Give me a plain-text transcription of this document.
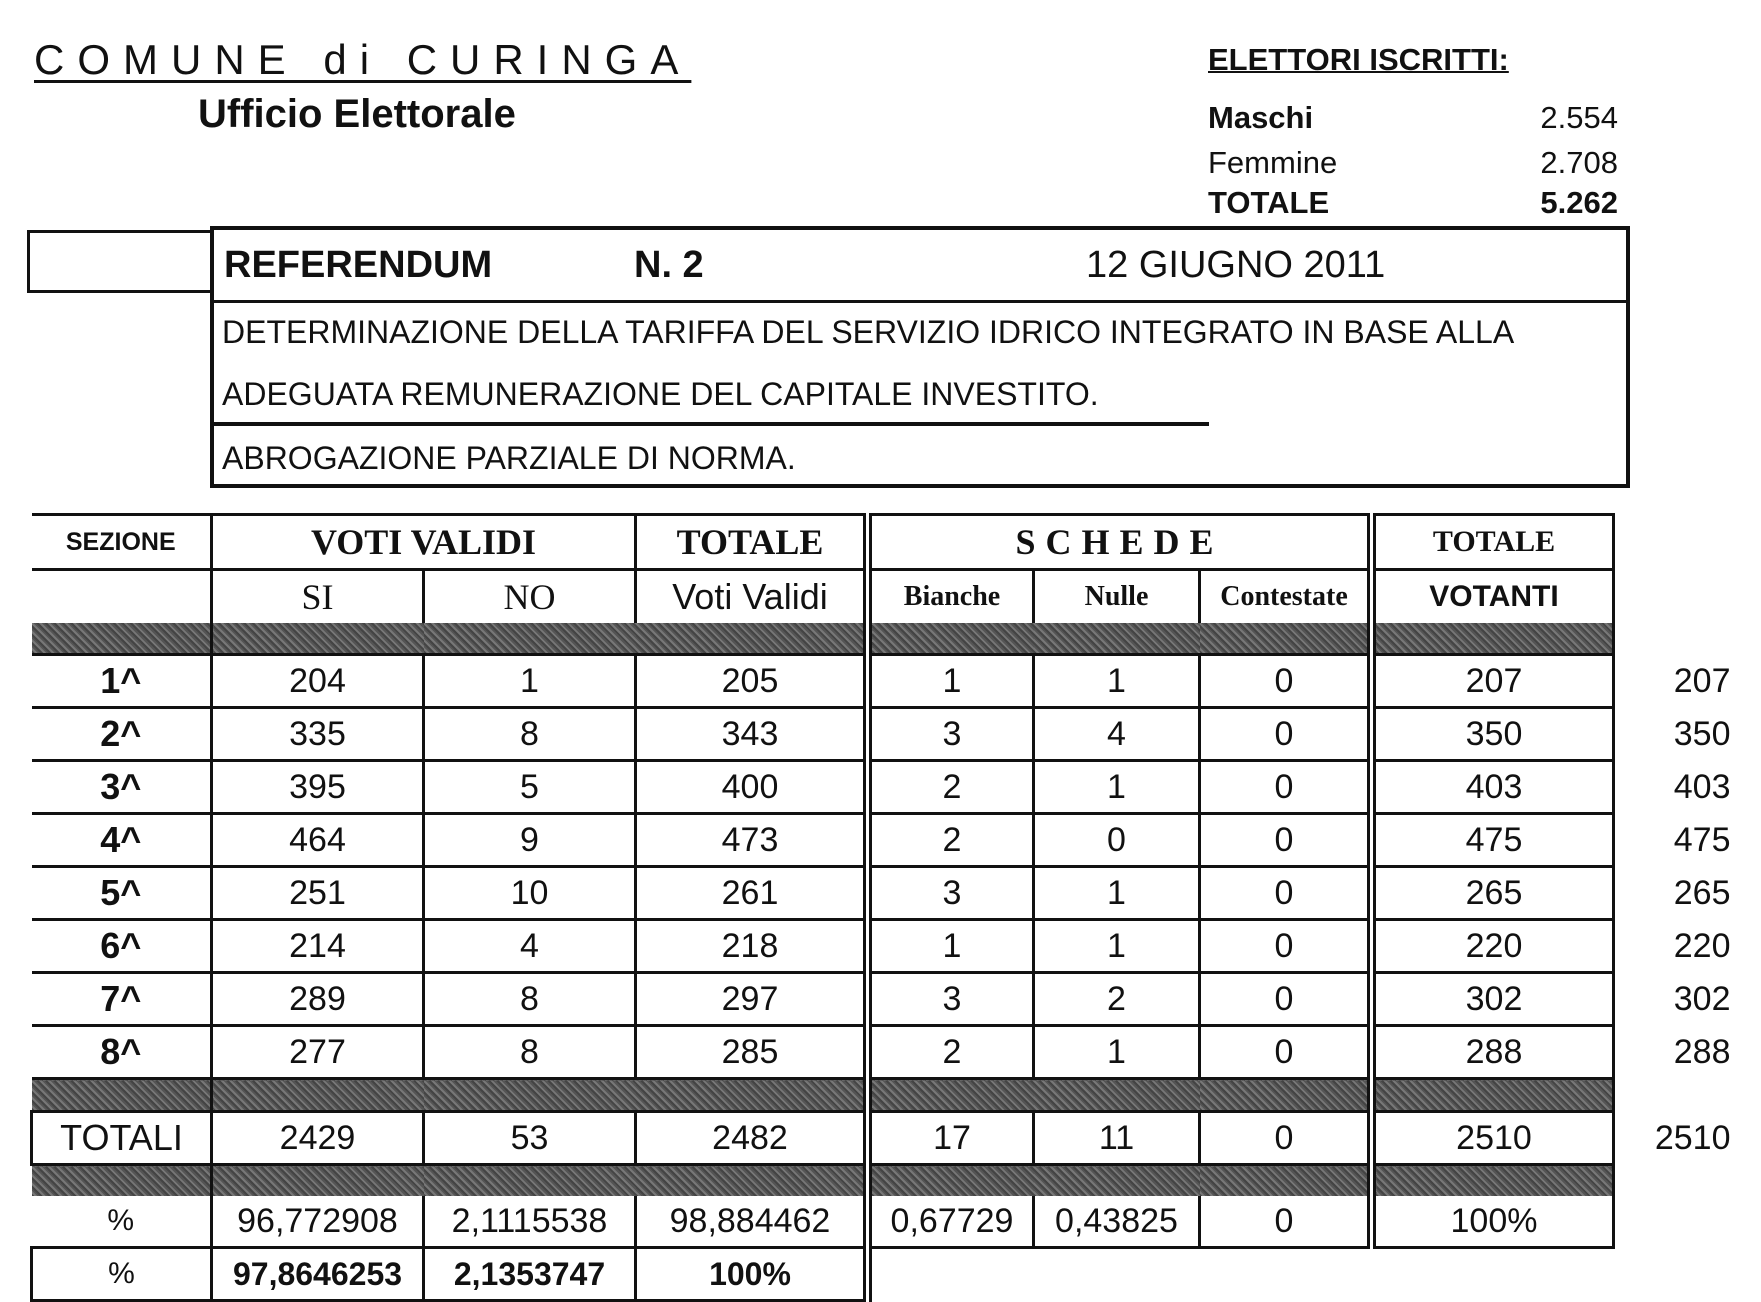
COMUNE di CURINGA
Ufficio Elettorale
ELETTORI ISCRITTI:
Maschi	2.554
Femmine	2.708
TOTALE	5.262
REFERENDUM	N. 2	12 GIUGNO 2011
DETERMINAZIONE DELLA TARIFFA DEL SERVIZIO IDRICO INTEGRATO IN BASE ALLA
ADEGUATA REMUNERAZIONE DEL CAPITALE INVESTITO.
ABROGAZIONE PARZIALE DI NORMA.
SEZIONE	VOTI VALIDI		TOTALE	SCHEDE			TOTALE	
	SI	NO	Voti Validi	Bianche	Nulle	Contestate	VOTANTI	

1^	204	1	205	1	1	0	207	207
2^	335	8	343	3	4	0	350	350
3^	395	5	400	2	1	0	403	403
4^	464	9	473	2	0	0	475	475
5^	251	10	261	3	1	0	265	265
6^	214	4	218	1	1	0	220	220
7^	289	8	297	3	2	0	302	302
8^	277	8	285	2	1	0	288	288

TOTALI	2429	53	2482	17	11	0	2510	2510

%	96,772908	2,1115538	98,884462	0,67729	0,43825	0	100%	
%	97,8646253	2,1353747	100%					
